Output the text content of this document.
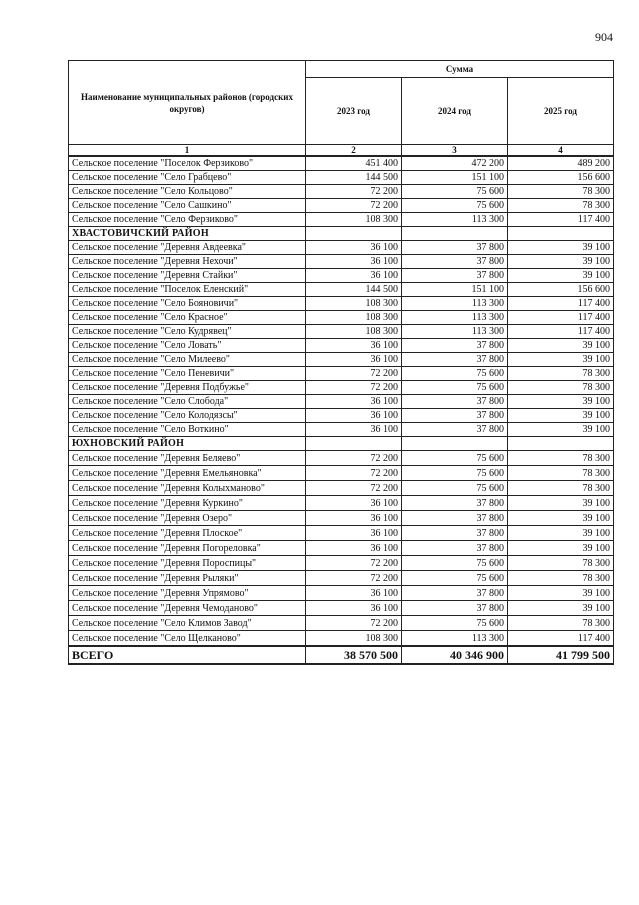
904
Наименование муниципальных районов (городских округов)	Сумма		
	2023 год	2024 год	2025 год
1	2	3	4
Сельское поселение "Поселок Ферзиково"	451 400	472 200	489 200
Сельское поселение "Село Грабцево"	144 500	151 100	156 600
Сельское поселение "Село Кольцово"	72 200	75 600	78 300
Сельское поселение "Село Сашкино"	72 200	75 600	78 300
Сельское поселение "Село Ферзиково"	108 300	113 300	117 400
ХВАСТОВИЧСКИЙ РАЙОН			
Сельское поселение "Деревня Авдеевка"	36 100	37 800	39 100
Сельское поселение "Деревня Нехочи"	36 100	37 800	39 100
Сельское поселение "Деревня Стайки"	36 100	37 800	39 100
Сельское поселение "Поселок Еленский"	144 500	151 100	156 600
Сельское поселение "Село Бояновичи"	108 300	113 300	117 400
Сельское поселение "Село Красное"	108 300	113 300	117 400
Сельское поселение "Село Кудрявец"	108 300	113 300	117 400
Сельское поселение "Село Ловать"	36 100	37 800	39 100
Сельское поселение "Село Милеево"	36 100	37 800	39 100
Сельское поселение "Село Пеневичи"	72 200	75 600	78 300
Сельское поселение "Деревня Подбужье"	72 200	75 600	78 300
Сельское поселение "Село Слобода"	36 100	37 800	39 100
Сельское поселение "Село Колодязсы"	36 100	37 800	39 100
Сельское поселение "Село Воткино"	36 100	37 800	39 100
ЮХНОВСКИЙ РАЙОН			
Сельское поселение "Деревня Беляево"	72 200	75 600	78 300
Сельское поселение "Деревня Емельяновка"	72 200	75 600	78 300
Сельское поселение "Деревня Колыхманово"	72 200	75 600	78 300
Сельское поселение "Деревня Куркино"	36 100	37 800	39 100
Сельское поселение "Деревня Озеро"	36 100	37 800	39 100
Сельское поселение "Деревня Плоское"	36 100	37 800	39 100
Сельское поселение "Деревня Погореловка"	36 100	37 800	39 100
Сельское поселение "Деревня Пороспицы"	72 200	75 600	78 300
Сельское поселение "Деревня Рыляки"	72 200	75 600	78 300
Сельское поселение "Деревня Упрямово"	36 100	37 800	39 100
Сельское поселение "Деревня Чемоданово"	36 100	37 800	39 100
Сельское поселение "Село Климов Завод"	72 200	75 600	78 300
Сельское поселение "Село Щелканово"	108 300	113 300	117 400
ВСЕГО	38 570 500	40 346 900	41 799 500
